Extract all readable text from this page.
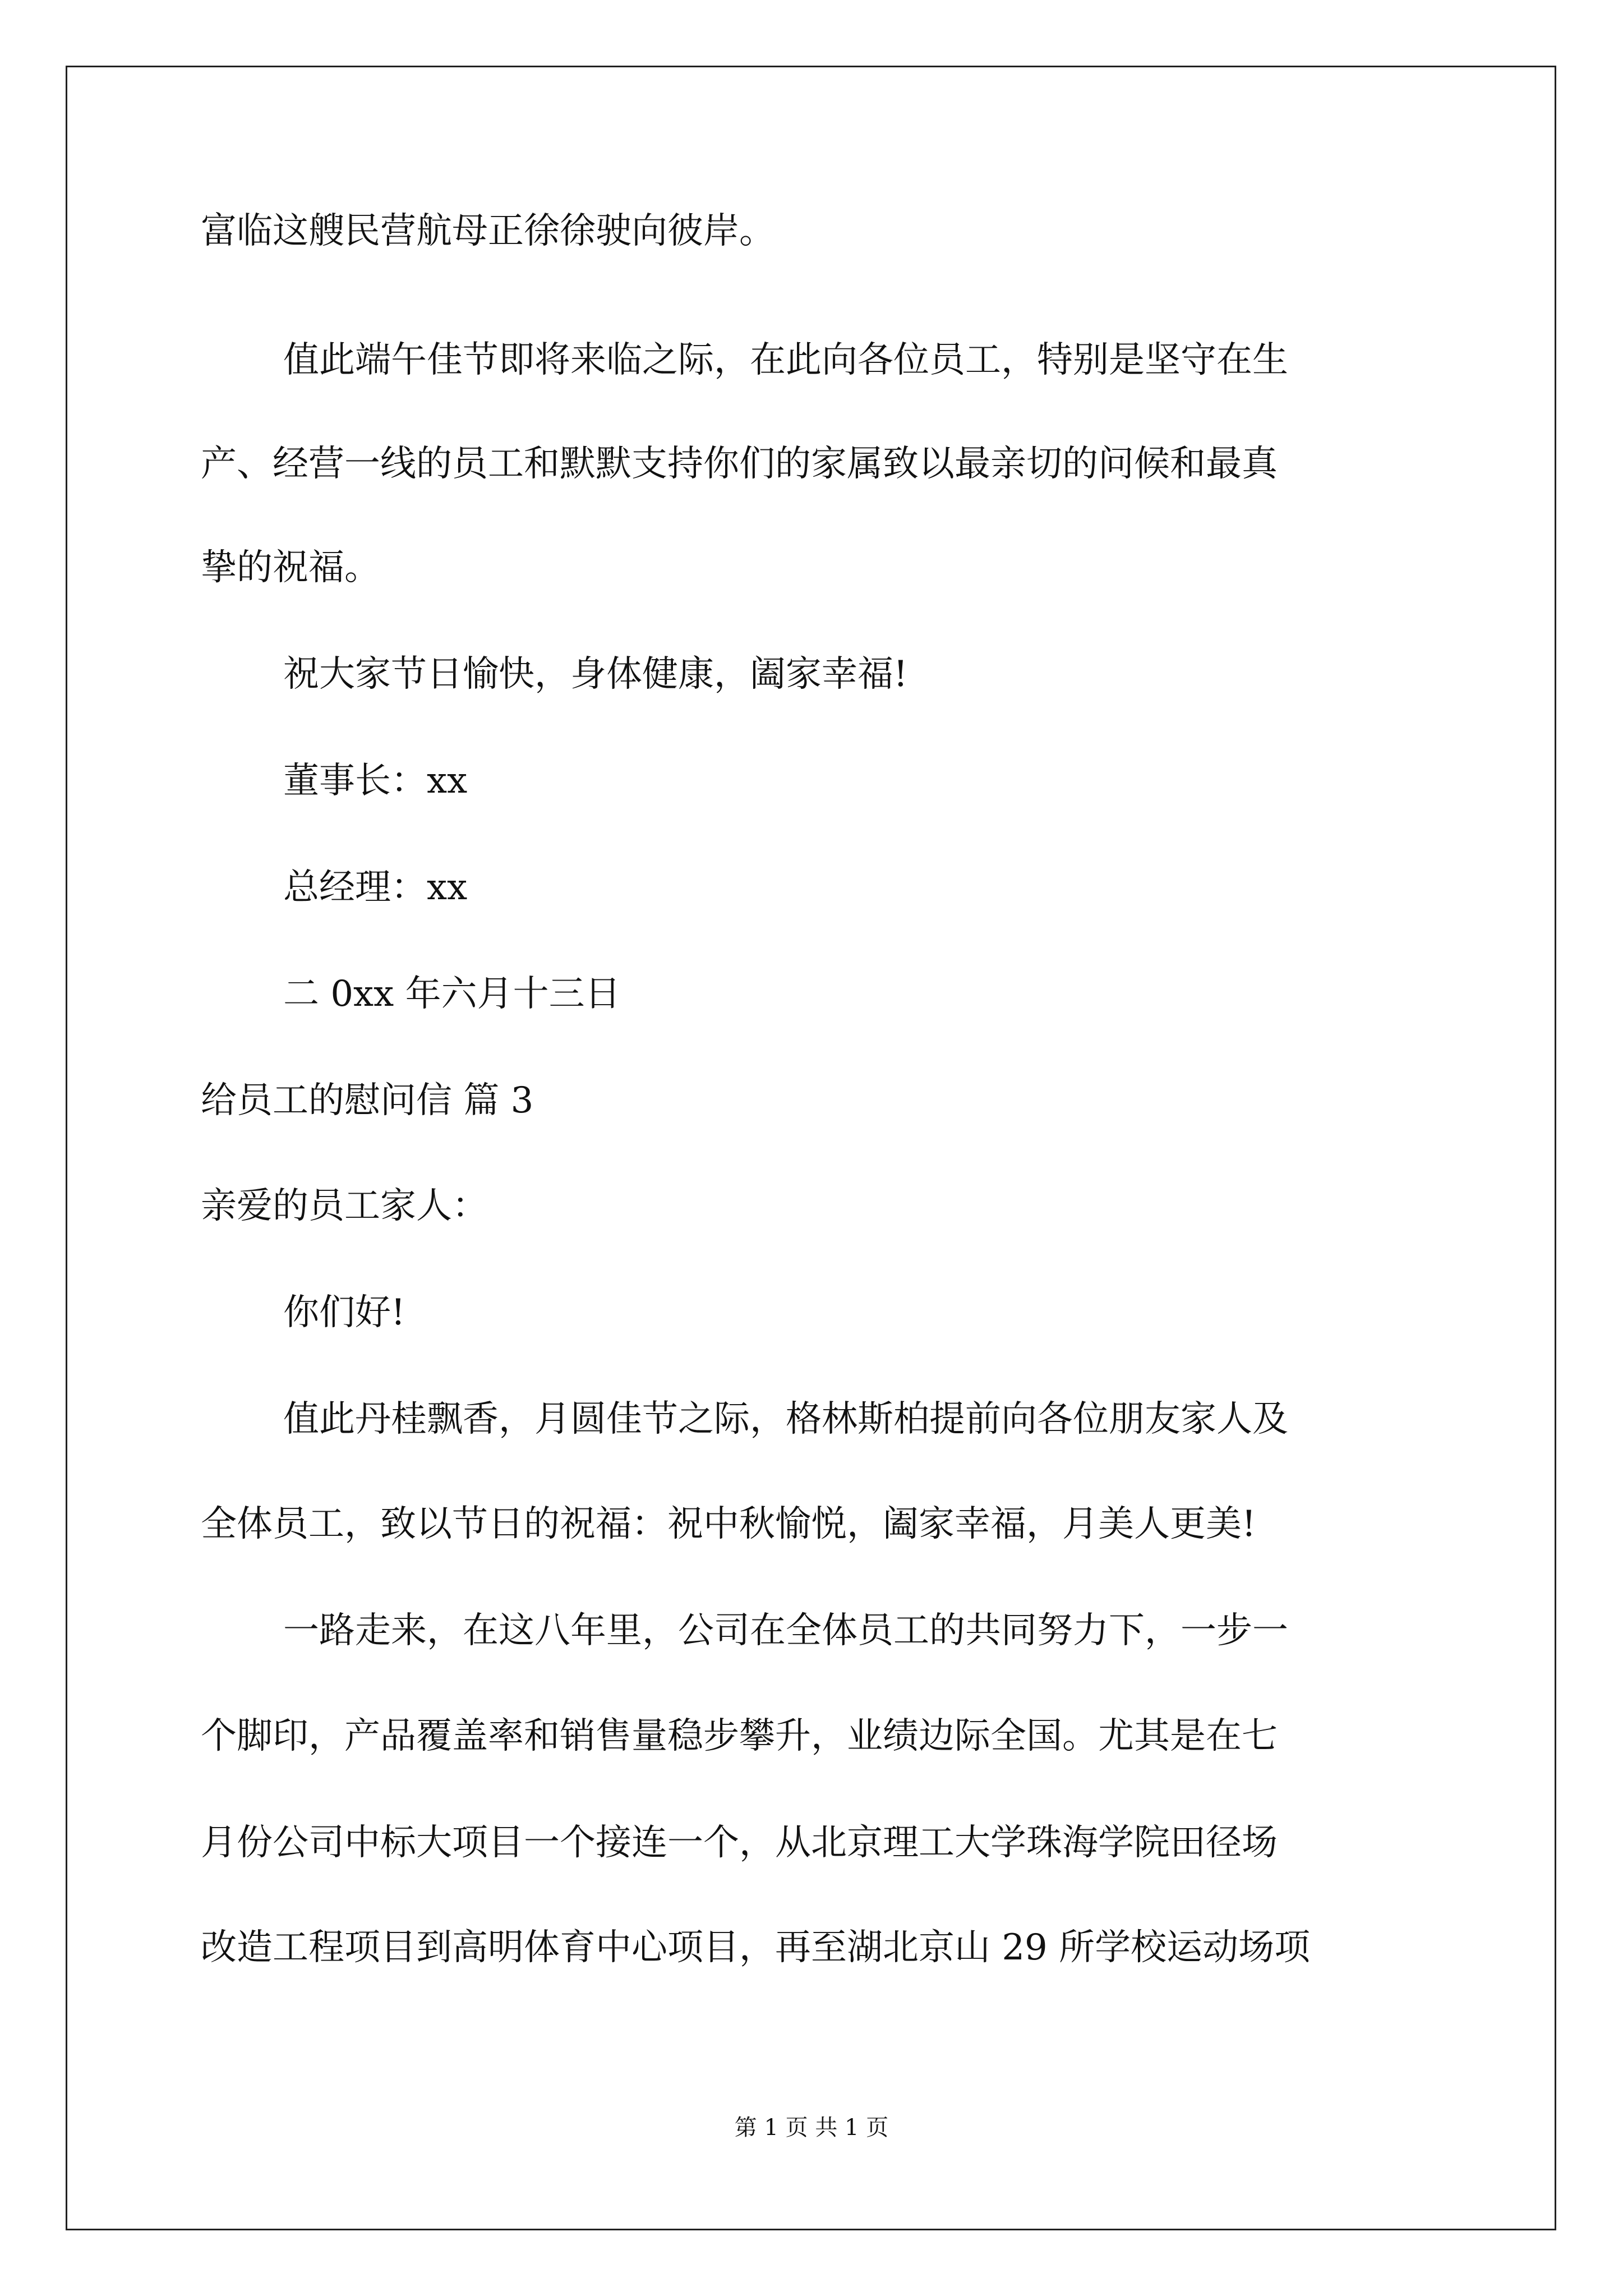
富临这艘民营航母正徐徐驶向彼岸。
值此端午佳节即将来临之际，在此向各位员工，特别是坚守在生
产、经营一线的员工和默默支持你们的家属致以最亲切的问候和最真
挚的祝福。
祝大家节日愉快，身体健康，阖家幸福!
董事长：xx
总经理：xx
二 0xx 年六月十三日
给员工的慰问信 篇 3
亲爱的员工家人：
你们好!
值此丹桂飘香，月圆佳节之际，格林斯柏提前向各位朋友家人及
全体员工，致以节日的祝福：祝中秋愉悦，阖家幸福，月美人更美!
一路走来，在这八年里，公司在全体员工的共同努力下，一步一
个脚印，产品覆盖率和销售量稳步攀升，业绩边际全国。尤其是在七
月份公司中标大项目一个接连一个，从北京理工大学珠海学院田径场
改造工程项目到高明体育中心项目，再至湖北京山 29 所学校运动场项
第 1 页 共 1 页
